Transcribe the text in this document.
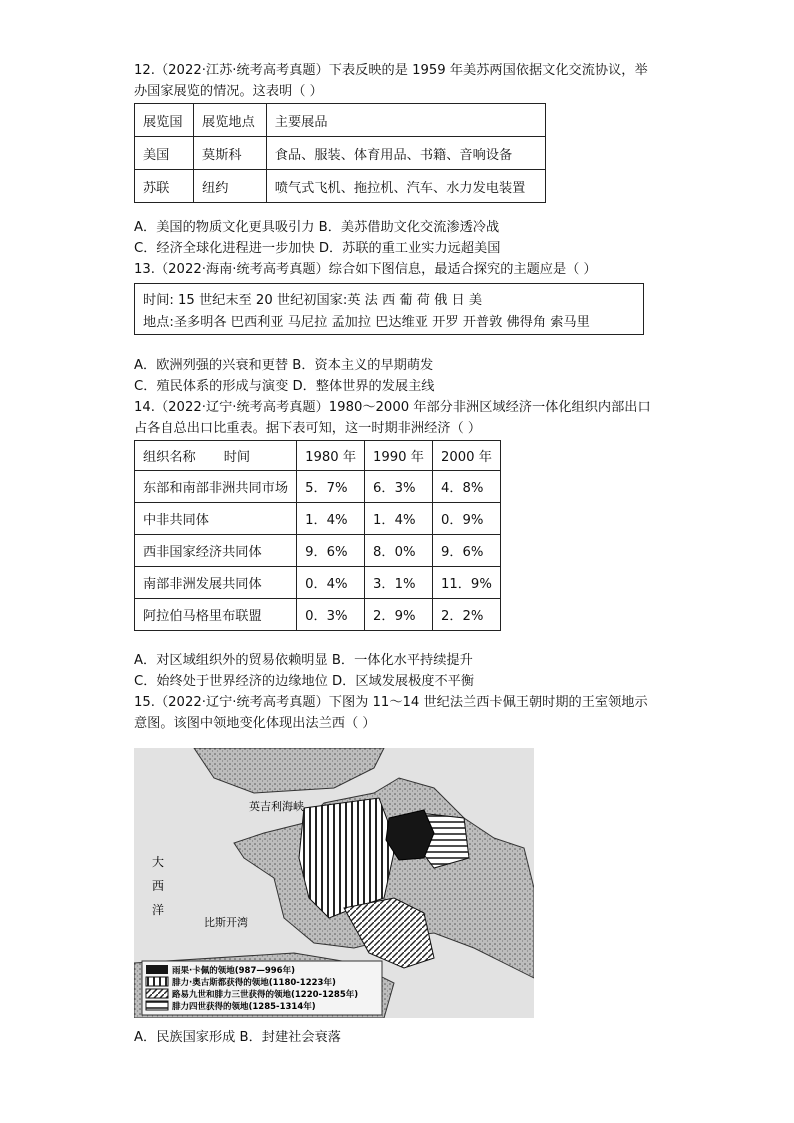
12.（2022·江苏·统考高考真题）下表反映的是 1959 年美苏两国依据文化交流协议，举
办国家展览的情况。这表明（ ）
展览国	展览地点	主要展品
美国	莫斯科	食品、服装、体育用品、书籍、音响设备
苏联	纽约	喷气式飞机、拖拉机、汽车、水力发电装置
A．美国的物质文化更具吸引力 B．美苏借助文化交流渗透冷战
C．经济全球化进程进一步加快 D．苏联的重工业实力远超美国
13.（2022·海南·统考高考真题）综合如下图信息，最适合探究的主题应是（ ）
时间: 15 世纪末至 20 世纪初国家:英 法 西 葡 荷 俄 日 美
地点:圣多明各 巴西利亚 马尼拉 孟加拉 巴达维亚 开罗 开普敦 佛得角 索马里
A．欧洲列强的兴衰和更替 B．资本主义的早期萌发
C．殖民体系的形成与演变 D．整体世界的发展主线
14.（2022·辽宁·统考高考真题）1980～2000 年部分非洲区域经济一体化组织内部出口
占各自总出口比重表。据下表可知，这一时期非洲经济（ ）
组织名称 时间	1980 年	1990 年	2000 年
东部和南部非洲共同市场	5．7%	6．3%	4．8%
中非共同体	1．4%	1．4%	0．9%
西非国家经济共同体	9．6%	8．0%	9．6%
南部非洲发展共同体	0．4%	3．1%	11．9%
阿拉伯马格里布联盟	0．3%	2．9%	2．2%
A．对区域组织外的贸易依赖明显 B．一体化水平持续提升
C．始终处于世界经济的边缘地位 D．区域发展极度不平衡
15.（2022·辽宁·统考高考真题）下图为 11～14 世纪法兰西卡佩王朝时期的王室领地示
意图。该图中领地变化体现出法兰西（ ）
雨果·卡佩的领地(987—996年)
腓力·奥古斯都获得的领地(1180-1223年)
路易九世和腓力三世获得的领地(1220-1285年)
腓力四世获得的领地(1285-1314年)
英吉利海峡
大
西
洋
比斯开湾
A．民族国家形成 B．封建社会衰落
